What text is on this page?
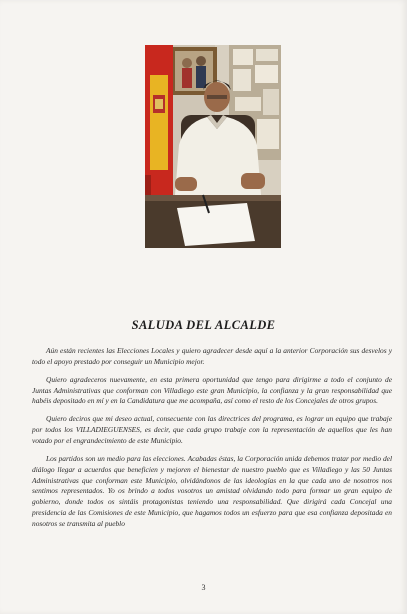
SALUDA DEL ALCALDE

Aún están recientes las Elecciones Locales y quiero agradecer desde aquí a la anterior Corporación sus desvelos y todo el apoyo prestado por conseguir un Municipio mejor.

Quiero agradeceros nuevamente, en esta primera oportunidad que tengo para dirigirme a todo el conjunto de Juntas Administrativas que conforman con Villadiego este gran Municipio, la confianza y la gran responsabilidad que habéis depositado en mí y en la Candidatura que me acompaña, así como el resto de los Concejales de otros grupos.

Quiero deciros que mi deseo actual, consecuente con las directrices del programa, es lograr un equipo que trabaje por todos los VILLADIEGUENSES, es decir, que cada grupo trabaje con la representación de aquellos que les han votado por el engrandecimiento de este Municipio.

Los partidos son un medio para las elecciones. Acabadas éstas, la Corporación unida debemos tratar por medio del diálogo llegar a acuerdos que beneficien y mejoren el bienestar de nuestro pueblo que es Villadiego y las 50 Juntas Administrativas que conforman este Municipio, olvidándonos de las ideologías en la que cada uno de nosotros nos sentimos representados. Yo os brindo a todos vosotros un amistad olvidando todo para formar un gran equipo de gobierno, donde todos os sintáis protagonistas teniendo una responsabilidad. Que dirigirá cada Concejal una presidencia de las Comisiones de este Municipio, que hagamos todos un esfuerzo para que esa confianza depositada en nosotros se transmita al pueblo

3
